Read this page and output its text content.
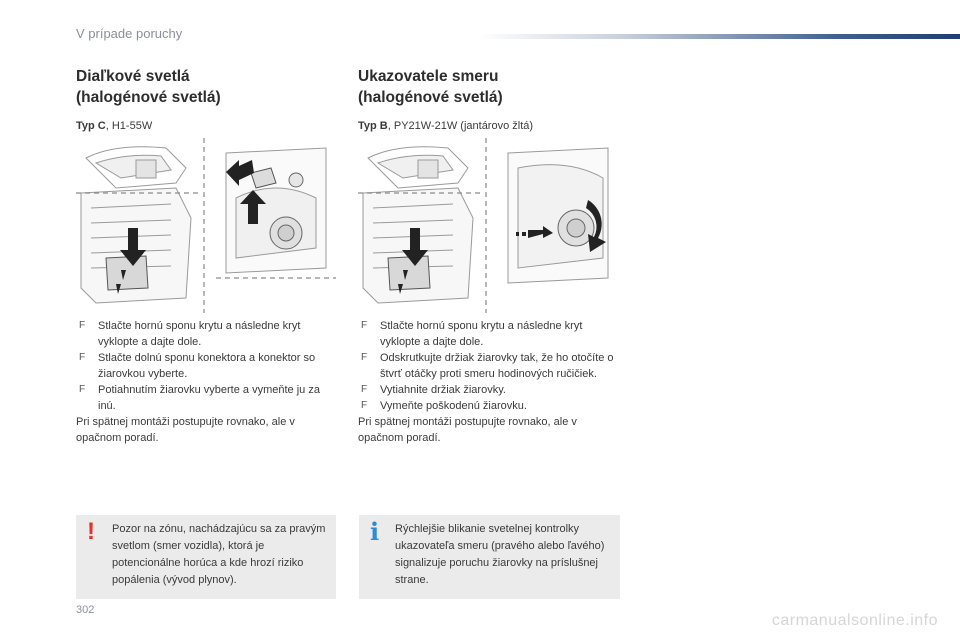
V prípade poruchy

Diaľkové svetlá

(halogénové svetlá)

Typ C, H1-55W
F Stlačte hornú sponu krytu a následne kryt vyklopte a dajte dole.
F Stlačte dolnú sponu konektora a konektor so žiarovkou vyberte.
F Potiahnutím žiarovku vyberte a vymeňte ju za inú.
Pri spätnej montáži postupujte rovnako, ale v opačnom poradí.

Ukazovatele smeru

(halogénové svetlá)

Typ B, PY21W-21W (jantárovo žltá)
F Stlačte hornú sponu krytu a následne kryt vyklopte a dajte dole.
F Odskrutkujte držiak žiarovky tak, že ho otočíte o štvrť otáčky proti smeru hodinových ručičiek.
F Vytiahnite držiak žiarovky.
F Vymeňte poškodenú žiarovku.
Pri spätnej montáži postupujte rovnako, ale v opačnom poradí.
! Pozor na zónu, nachádzajúcu sa za pravým svetlom (smer vozidla), ktorá je potencionálne horúca a kde hrozí riziko popálenia (vývod plynov).
i Rýchlejšie blikanie svetelnej kontrolky ukazovateľa smeru (pravého alebo ľavého) signalizuje poruchu žiarovky na príslušnej strane.
302
carmanualsonline.info
